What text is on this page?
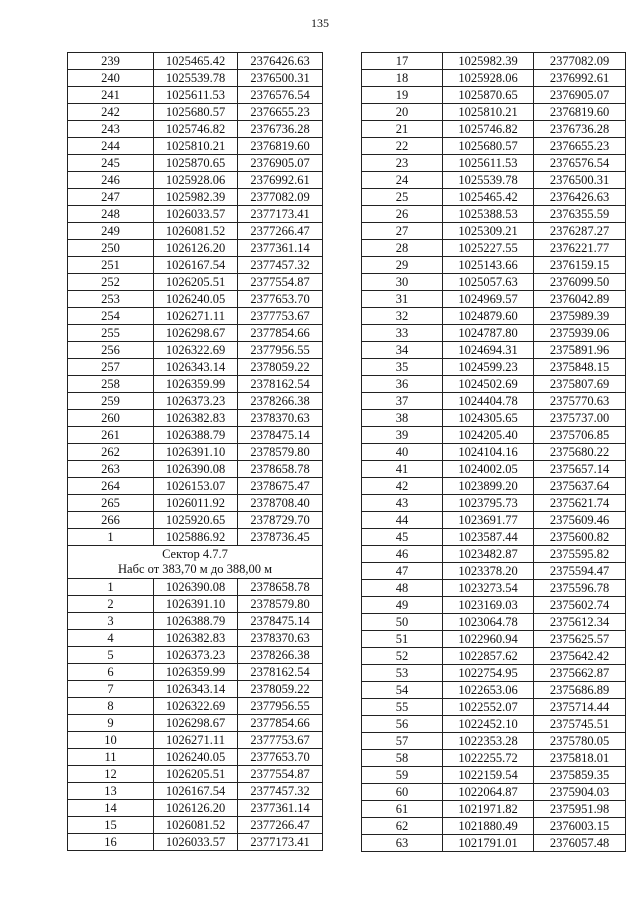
135
239	1025465.42	2376426.63
240	1025539.78	2376500.31
241	1025611.53	2376576.54
242	1025680.57	2376655.23
243	1025746.82	2376736.28
244	1025810.21	2376819.60
245	1025870.65	2376905.07
246	1025928.06	2376992.61
247	1025982.39	2377082.09
248	1026033.57	2377173.41
249	1026081.52	2377266.47
250	1026126.20	2377361.14
251	1026167.54	2377457.32
252	1026205.51	2377554.87
253	1026240.05	2377653.70
254	1026271.11	2377753.67
255	1026298.67	2377854.66
256	1026322.69	2377956.55
257	1026343.14	2378059.22
258	1026359.99	2378162.54
259	1026373.23	2378266.38
260	1026382.83	2378370.63
261	1026388.79	2378475.14
262	1026391.10	2378579.80
263	1026390.08	2378658.78
264	1026153.07	2378675.47
265	1026011.92	2378708.40
266	1025920.65	2378729.70
1	1025886.92	2378736.45

Сектор 4.7.7
Набс от 383,70 м до 388,00 м		

1	1026390.08	2378658.78
2	1026391.10	2378579.80
3	1026388.79	2378475.14
4	1026382.83	2378370.63
5	1026373.23	2378266.38
6	1026359.99	2378162.54
7	1026343.14	2378059.22
8	1026322.69	2377956.55
9	1026298.67	2377854.66
10	1026271.11	2377753.67
11	1026240.05	2377653.70
12	1026205.51	2377554.87
13	1026167.54	2377457.32
14	1026126.20	2377361.14
15	1026081.52	2377266.47
16	1026033.57	2377173.41
17	1025982.39	2377082.09
18	1025928.06	2376992.61
19	1025870.65	2376905.07
20	1025810.21	2376819.60
21	1025746.82	2376736.28
22	1025680.57	2376655.23
23	1025611.53	2376576.54
24	1025539.78	2376500.31
25	1025465.42	2376426.63
26	1025388.53	2376355.59
27	1025309.21	2376287.27
28	1025227.55	2376221.77
29	1025143.66	2376159.15
30	1025057.63	2376099.50
31	1024969.57	2376042.89
32	1024879.60	2375989.39
33	1024787.80	2375939.06
34	1024694.31	2375891.96
35	1024599.23	2375848.15
36	1024502.69	2375807.69
37	1024404.78	2375770.63
38	1024305.65	2375737.00
39	1024205.40	2375706.85
40	1024104.16	2375680.22
41	1024002.05	2375657.14
42	1023899.20	2375637.64
43	1023795.73	2375621.74
44	1023691.77	2375609.46
45	1023587.44	2375600.82
46	1023482.87	2375595.82
47	1023378.20	2375594.47
48	1023273.54	2375596.78
49	1023169.03	2375602.74
50	1023064.78	2375612.34
51	1022960.94	2375625.57
52	1022857.62	2375642.42
53	1022754.95	2375662.87
54	1022653.06	2375686.89
55	1022552.07	2375714.44
56	1022452.10	2375745.51
57	1022353.28	2375780.05
58	1022255.72	2375818.01
59	1022159.54	2375859.35
60	1022064.87	2375904.03
61	1021971.82	2375951.98
62	1021880.49	2376003.15
63	1021791.01	2376057.48
